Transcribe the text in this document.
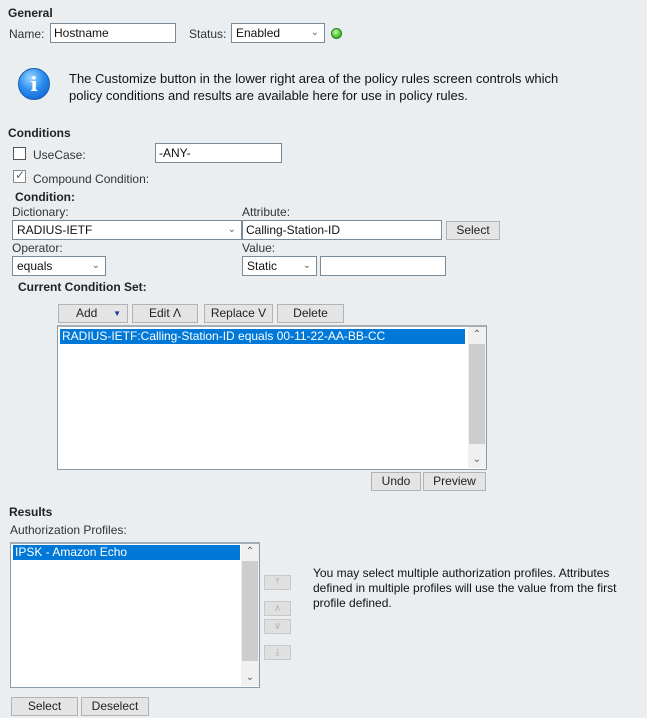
General
Name: Hostname	Status: Enabled	⌄
i	The Customize button in the lower right area of the policy rules screen controls which
policy conditions and results are available here for use in policy rules.
Conditions
UseCase:	-ANY-
✓
Compound Condition:
Condition:
Dictionary:
RADIUS-IETF	⌄
Attribute:
Calling-Station-ID	Select
Operator:
equals	⌄
Value:
Static	⌄
Current Condition Set:
Add ▼	Edit Λ	Replace V	Delete
RADIUS-IETF:Calling-Station-ID equals 00-11-22-AA-BB-CC	⌃
⌄
Undo	Preview
Results
Authorization Profiles:
IPSK - Amazon Echo	⌃
⌄
⤒
∧
∨
⤓
You may select multiple authorization profiles. Attributes
defined in multiple profiles will use the value from the first
profile defined.
Select	Deselect
